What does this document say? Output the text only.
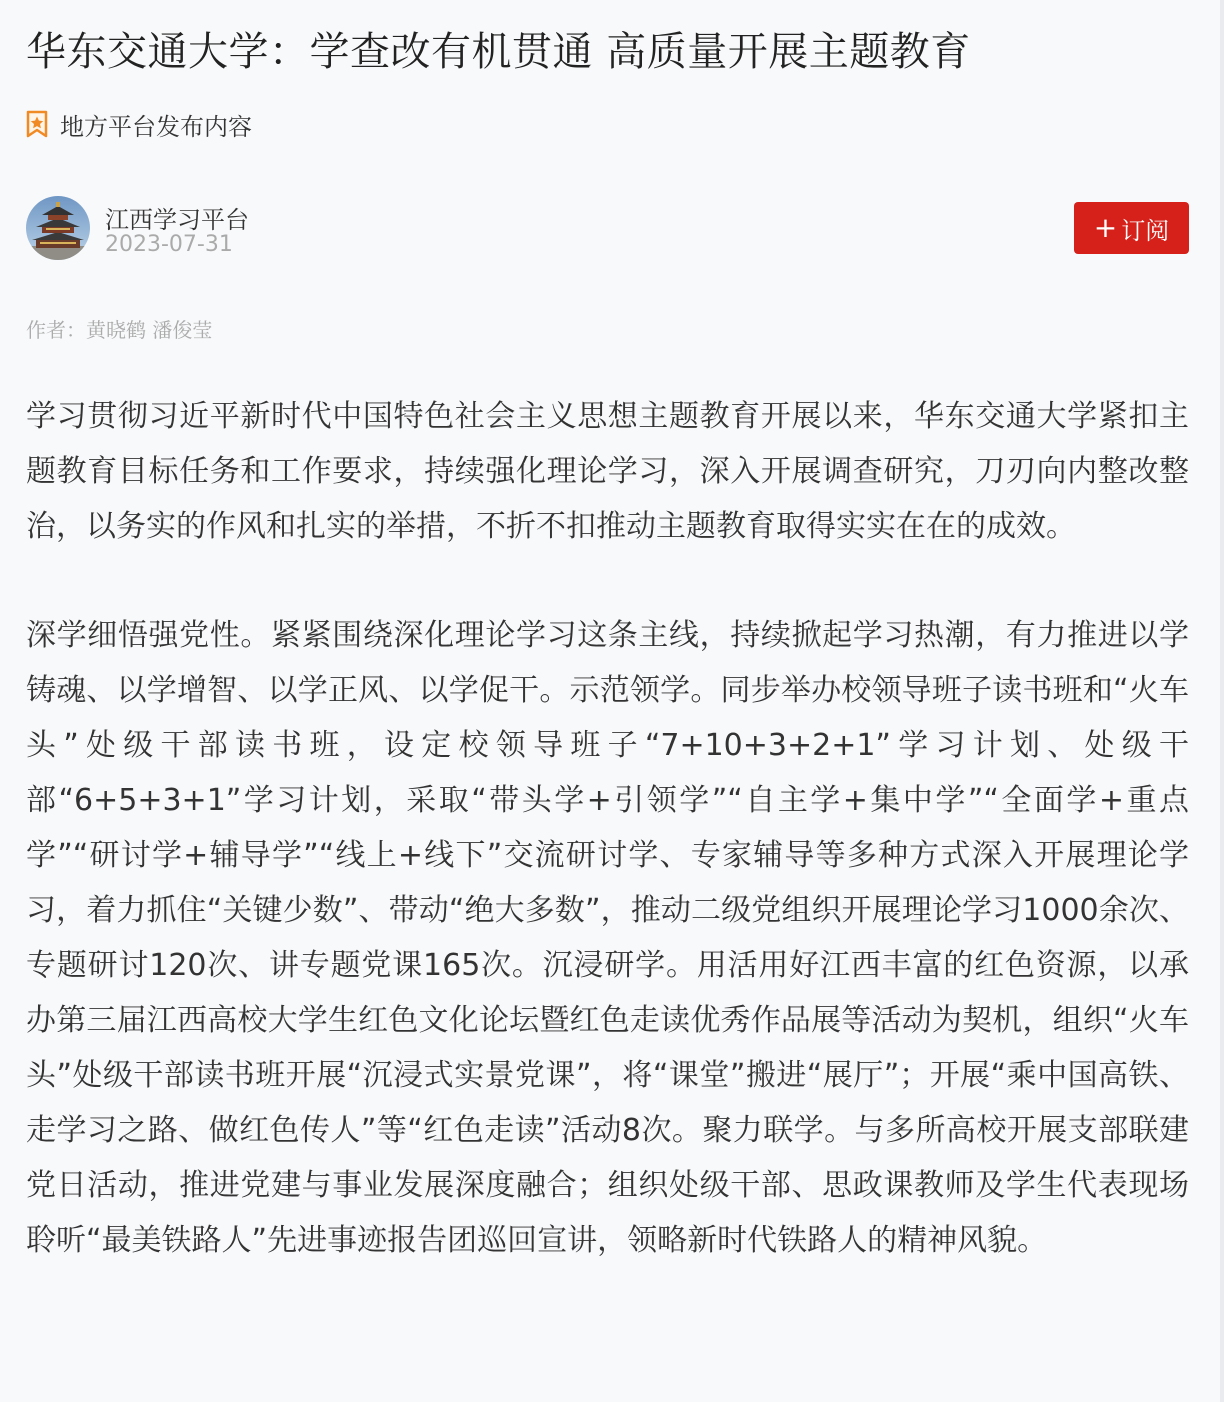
华东交通大学：学查改有机贯通 高质量开展主题教育
地方平台发布内容
江西学习平台
2023-07-31
+ 订阅
作者：黄晓鹤 潘俊莹

学习贯彻习近平新时代中国特色社会主义思想主题教育开展以来，华东交通大学紧扣主题教育目标任务和工作要求，持续强化理论学习，深入开展调查研究，刀刃向内整改整治，以务实的作风和扎实的举措，不折不扣推动主题教育取得实实在在的成效。

深学细悟强党性。紧紧围绕深化理论学习这条主线，持续掀起学习热潮，有力推进以学铸魂、以学增智、以学正风、以学促干。示范领学。同步举办校领导班子读书班和“火车头”处级干部读书班，设定校领导班子“7+10+3+2+1”学习计划、处级干部“6+5+3+1”学习计划，采取“带头学+引领学”“自主学+集中学”“全面学+重点学”“研讨学+辅导学”“线上+线下”交流研讨学、专家辅导等多种方式深入开展理论学习，着力抓住“关键少数”、带动“绝大多数”，推动二级党组织开展理论学习1000余次、专题研讨120次、讲专题党课165次。沉浸研学。用活用好江西丰富的红色资源，以承办第三届江西高校大学生红色文化论坛暨红色走读优秀作品展等活动为契机，组织“火车头”处级干部读书班开展“沉浸式实景党课”，将“课堂”搬进“展厅”；开展“乘中国高铁、走学习之路、做红色传人”等“红色走读”活动8次。聚力联学。与多所高校开展支部联建党日活动，推进党建与事业发展深度融合；组织处级干部、思政课教师及学生代表现场聆听“最美铁路人”先进事迹报告团巡回宣讲，领略新时代铁路人的精神风貌。
